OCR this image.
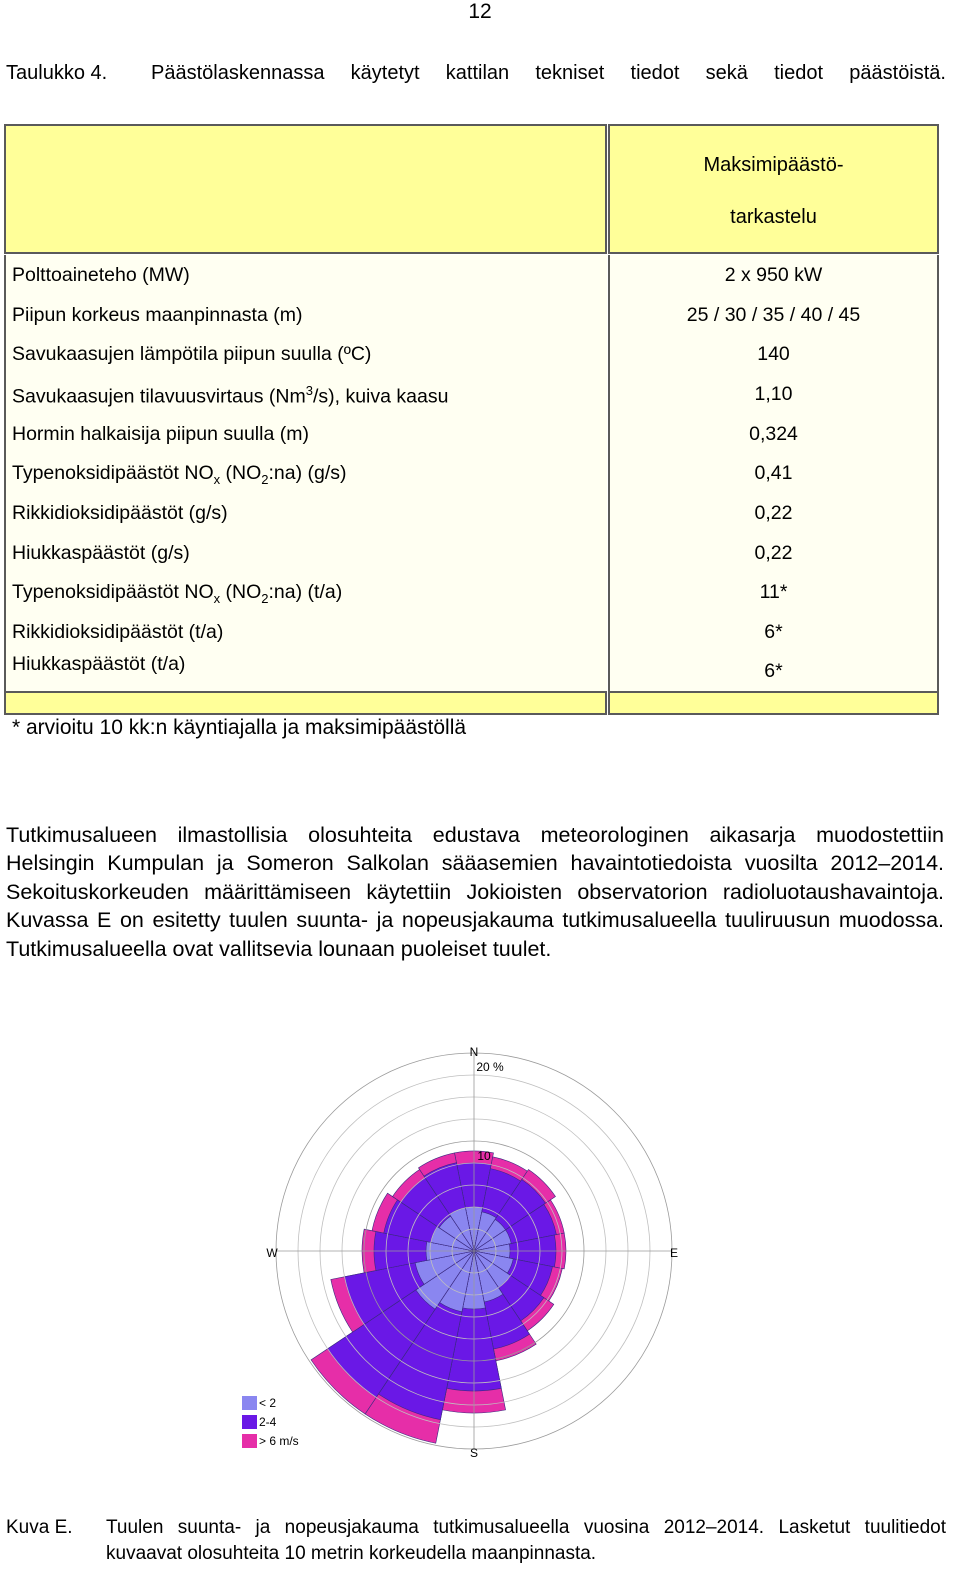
12
Taulukko 4. Päästölaskennassa käytetyt kattilan tekniset tiedot sekä tiedot päästöistä.
Maksimipäästö-
tarkastelu
Polttoaineteho (MW)	2 x 950 kW
Piipun korkeus maanpinnasta (m)	25 / 30 / 35 / 40 / 45
Savukaasujen lämpötila piipun suulla (ºC)	140
Savukaasujen tilavuusvirtaus (Nm$^3$/s), kuiva kaasu	1,10
Hormin halkaisija piipun suulla (m)	0,324
Typenoksidipäästöt $NO_x$ $(NO_2:na)$ (g/s)	0,41
Rikkidioksidipäästöt (g/s)	0,22
Hiukkaspäästöt (g/s)	0,22
Typenoksidipäästöt $NO_x$ $(NO_2:na)$ (t/a)	11*
Rikkidioksidipäästöt (t/a)	6*
Hiukkaspäästöt (t/a)	6*
* arvioitu 10 kk:n käyntiajalla ja maksimipäästöllä
Tutkimusalueen ilmastollisia olosuhteita edustava meteorologinen aikasarja muodostettiin Helsingin Kumpulan ja Someron Salkolan sääasemien havaintotiedoista vuosilta 2012–2014. Sekoituskorkeuden määrittämiseen käytettiin Jokioisten observatorion radioluotaushavaintoja. Kuvassa E on esitetty tuulen suunta- ja nopeusjakauma tutkimusalueella tuuliruusun muodossa. Tutkimusalueella ovat vallitsevia lounaan puoleiset tuulet.
N
20 %
10
W	E
S
< 2
2-4
> 6 m/s
Kuva E. Tuulen suunta- ja nopeusjakauma tutkimusalueella vuosina 2012–2014. Lasketut tuulitiedot kuvaavat olosuhteita 10 metrin korkeudella maanpinnasta.
